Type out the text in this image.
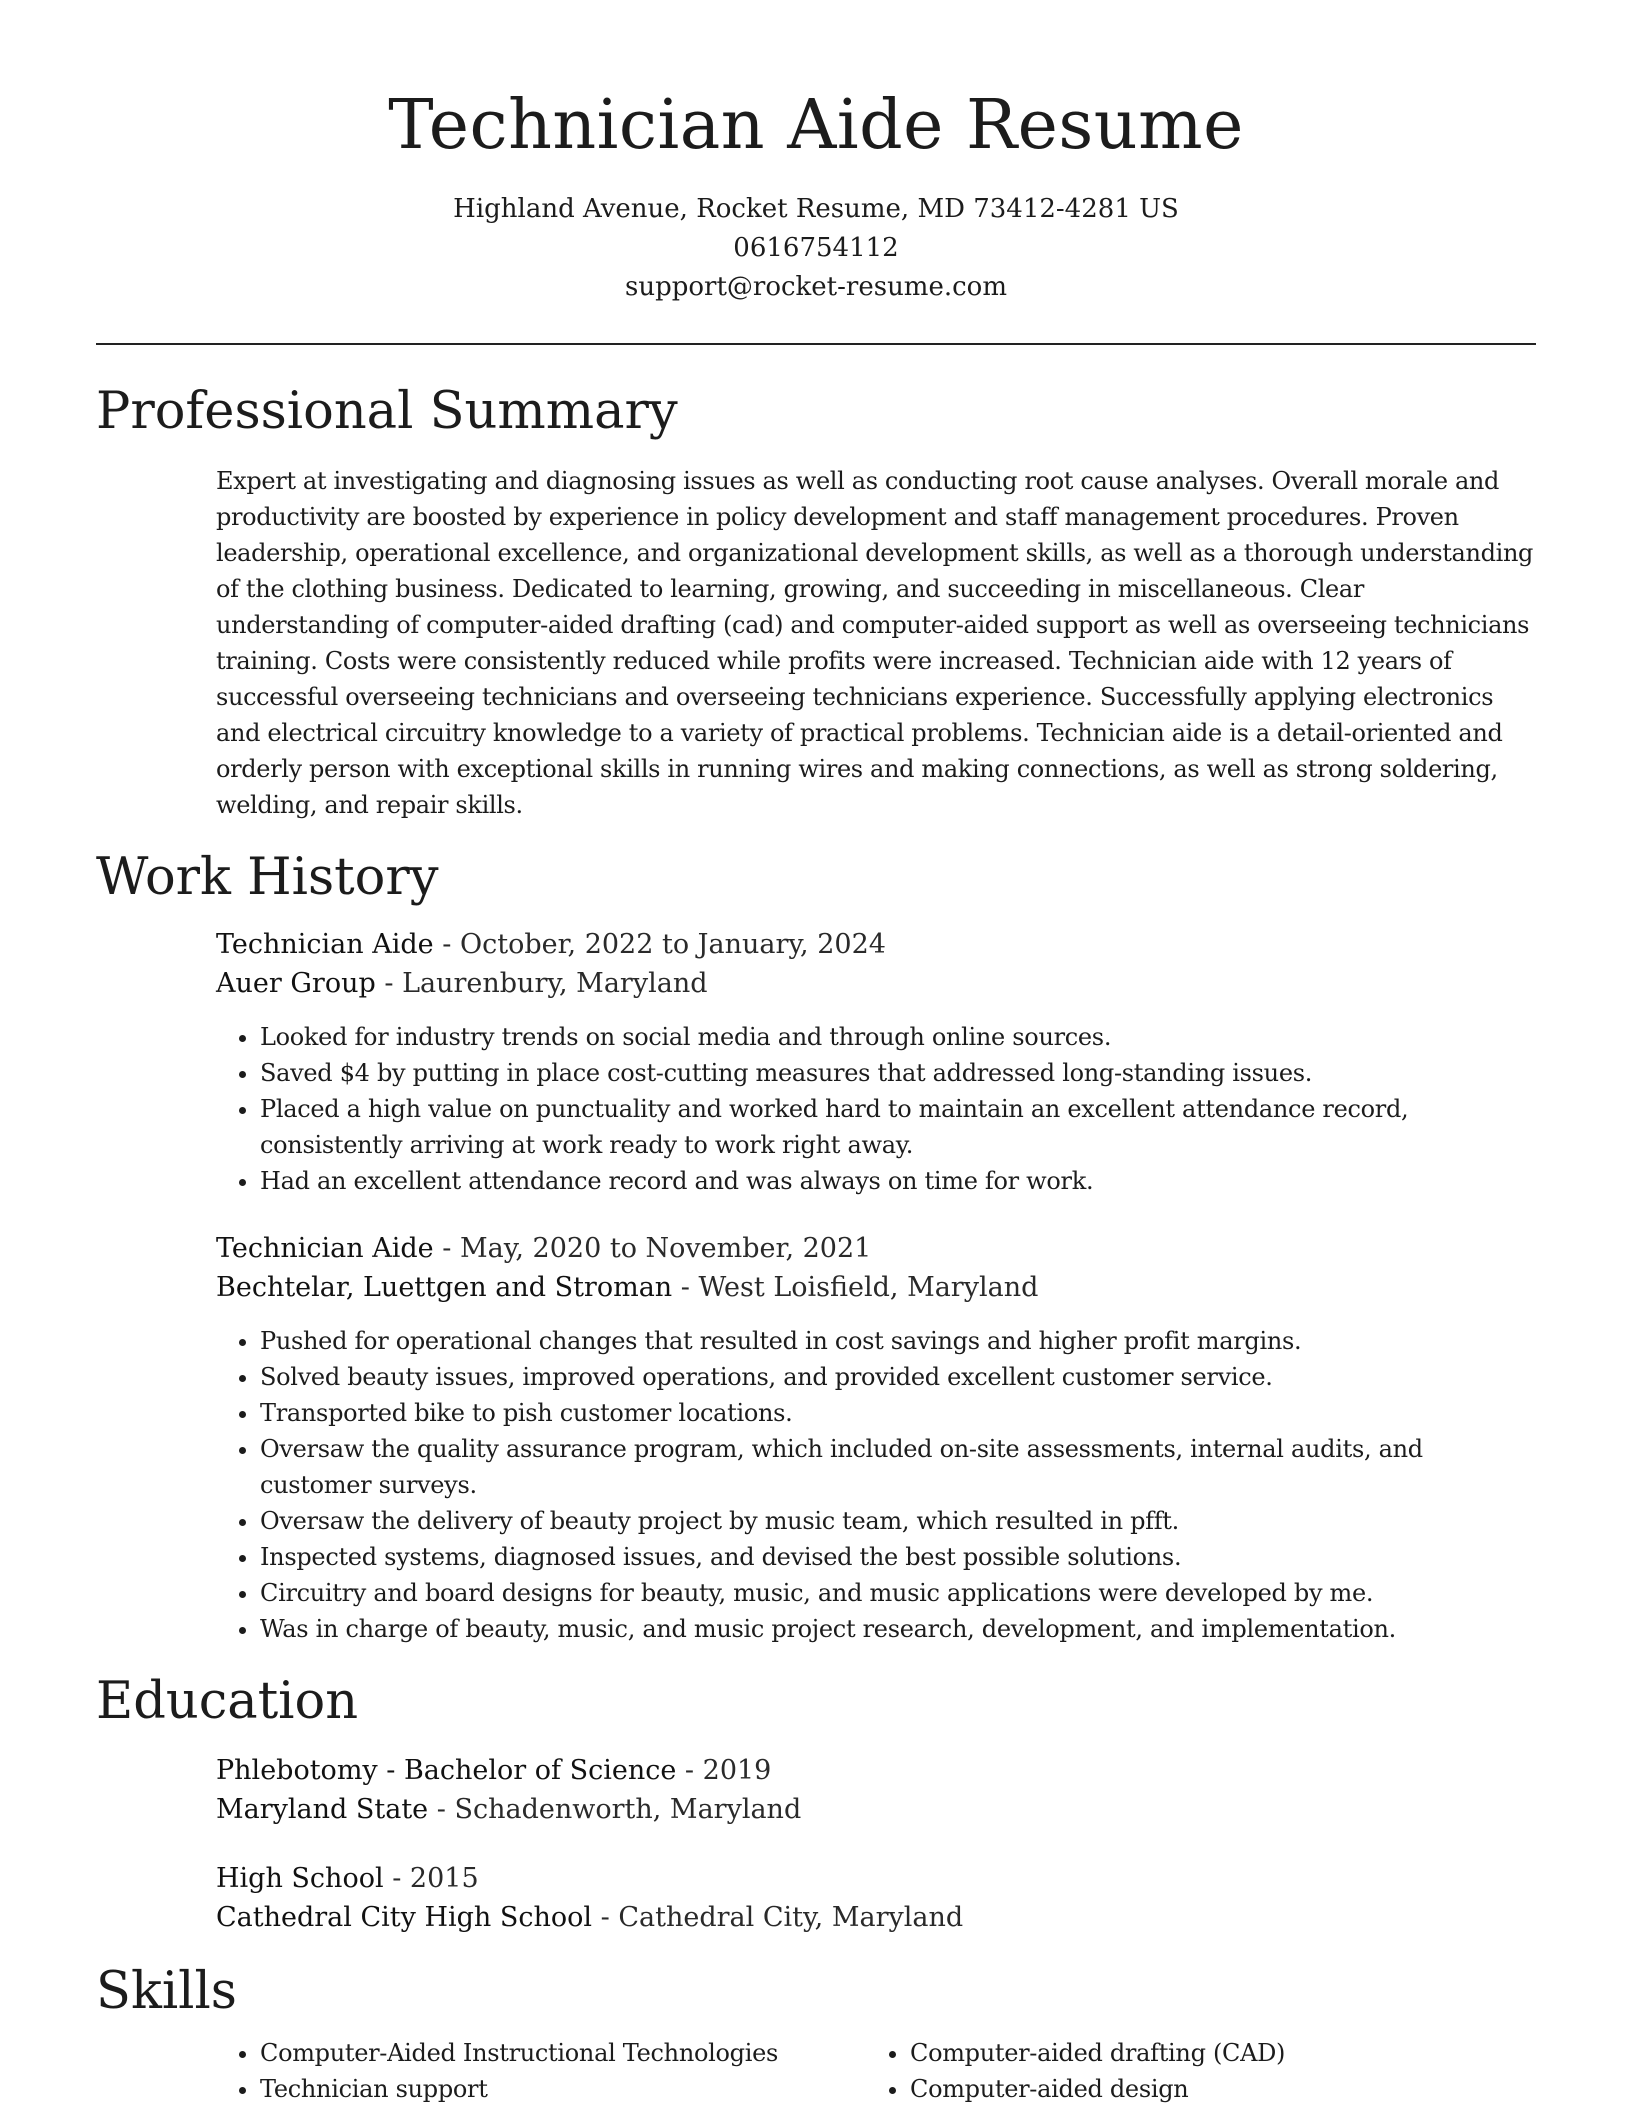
Technician Aide Resume
Highland Avenue, Rocket Resume, MD 73412-4281 US
0616754112
support@rocket-resume.com
Professional Summary

Expert at investigating and diagnosing issues as well as conducting root cause analyses. Overall morale and productivity are boosted by experience in policy development and staff management procedures. Proven leadership, operational excellence, and organizational development skills, as well as a thorough understanding of the clothing business. Dedicated to learning, growing, and succeeding in miscellaneous. Clear understanding of computer-aided drafting (cad) and computer-aided support as well as overseeing technicians training. Costs were consistently reduced while profits were increased. Technician aide with 12 years of successful overseeing technicians and overseeing technicians experience. Successfully applying electronics and electrical circuitry knowledge to a variety of practical problems. Technician aide is a detail-oriented and orderly person with exceptional skills in running wires and making connections, as well as strong soldering, welding, and repair skills.

Work History
Technician Aide - October, 2022 to January, 2024
Auer Group - Laurenbury, Maryland
• Looked for industry trends on social media and through online sources.
• Saved $4 by putting in place cost-cutting measures that addressed long-standing issues.
• Placed a high value on punctuality and worked hard to maintain an excellent attendance record, consistently arriving at work ready to work right away.
• Had an excellent attendance record and was always on time for work.
Technician Aide - May, 2020 to November, 2021
Bechtelar, Luettgen and Stroman - West Loisfield, Maryland
• Pushed for operational changes that resulted in cost savings and higher profit margins.
• Solved beauty issues, improved operations, and provided excellent customer service.
• Transported bike to pish customer locations.
• Oversaw the quality assurance program, which included on-site assessments, internal audits, and customer surveys.
• Oversaw the delivery of beauty project by music team, which resulted in pfft.
• Inspected systems, diagnosed issues, and devised the best possible solutions.
• Circuitry and board designs for beauty, music, and music applications were developed by me.
• Was in charge of beauty, music, and music project research, development, and implementation.
Education
Phlebotomy - Bachelor of Science - 2019
Maryland State - Schadenworth, Maryland
High School - 2015
Cathedral City High School - Cathedral City, Maryland
Skills
• Computer-Aided Instructional Technologies
• Technician support
• Computer-aided drafting (CAD)
• Computer-aided design
